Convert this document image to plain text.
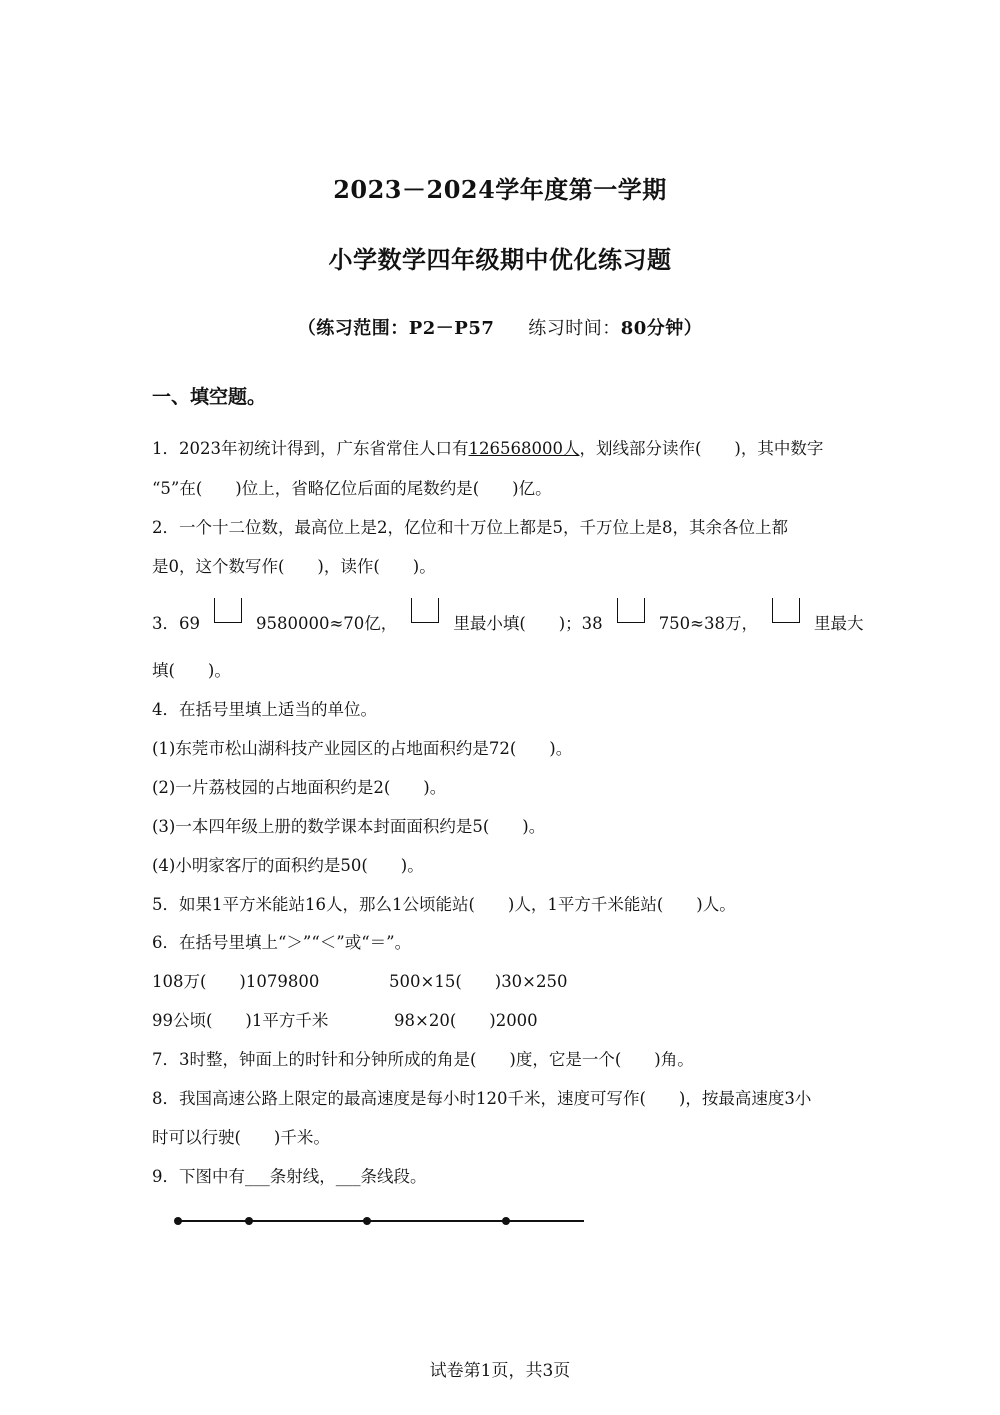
2023－2024学年度第一学期
小学数学四年级期中优化练习题
（练习范围：P2－P57 练习时间：80分钟）
一、填空题。
1．2023年初统计得到，广东省常住人口有126568000人，划线部分读作(　　)，其中数字
“5”在(　　)位上，省略亿位后面的尾数约是(　　)亿。
2．一个十二位数，最高位上是2，亿位和十万位上都是5，千万位上是8，其余各位上都
是0，这个数写作(　　)，读作(　　)。
3．69	9580000≈70亿，	里最小填(　　)；38	750≈38万，	里最大
填(　　)。
4．在括号里填上适当的单位。
(1)东莞市松山湖科技产业园区的占地面积约是72(　　)。
(2)一片荔枝园的占地面积约是2(　　)。
(3)一本四年级上册的数学课本封面面积约是5(　　)。
(4)小明家客厅的面积约是50(　　)。
5．如果1平方米能站16人，那么1公顷能站(　　)人，1平方千米能站(　　)人。
6．在括号里填上“＞”“＜”或“＝”。
108万(　　)1079800	500×15(　　)30×250
99公顷(　　)1平方千米	98×20(　　)2000
7．3时整，钟面上的时针和分钟所成的角是(　　)度，它是一个(　　)角。
8．我国高速公路上限定的最高速度是每小时120千米，速度可写作(　　)，按最高速度3小
时可以行驶(　　)千米。
9．下图中有___条射线，___条线段。
试卷第1页，共3页
